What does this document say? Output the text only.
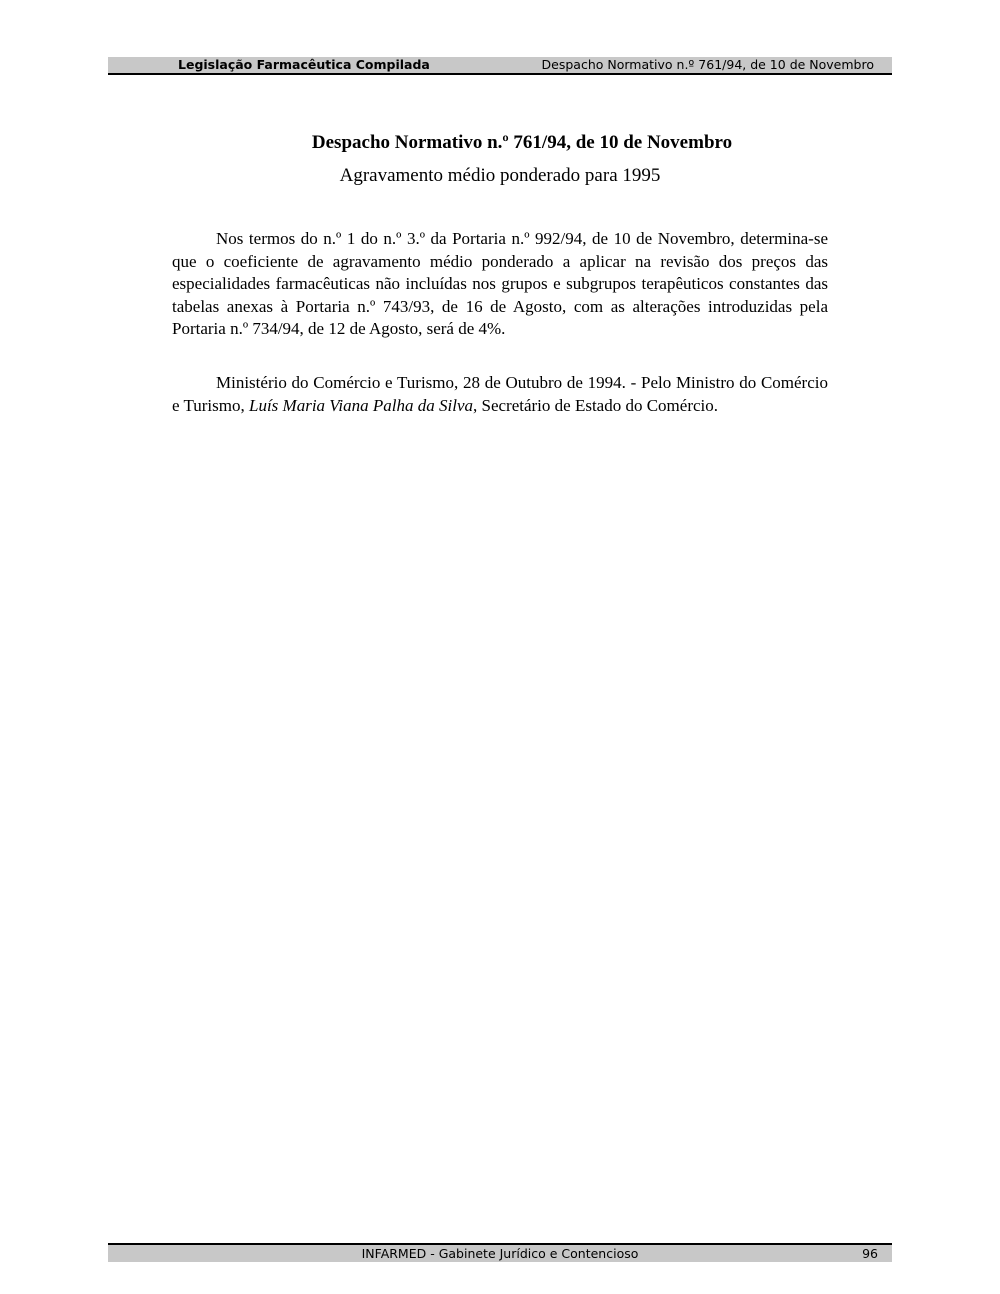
Legislação Farmacêutica Compilada	Despacho Normativo n.º 761/94, de 10 de Novembro
Despacho Normativo n.º 761/94, de 10 de Novembro
Agravamento médio ponderado para 1995

Nos termos do n.º 1 do n.º 3.º da Portaria n.º 992/94, de 10 de Novembro, determina-se que o coeficiente de agravamento médio ponderado a aplicar na revisão dos preços das especialidades farmacêuticas não incluídas nos grupos e subgrupos terapêuticos constantes das tabelas anexas à Portaria n.º 743/93, de 16 de Agosto, com as alterações introduzidas pela Portaria n.º 734/94, de 12 de Agosto, será de 4%.

Ministério do Comércio e Turismo, 28 de Outubro de 1994. - Pelo Ministro do Comércio e Turismo, Luís Maria Viana Palha da Silva, Secretário de Estado do Comércio.

INFARMED - Gabinete Jurídico e Contencioso	96
